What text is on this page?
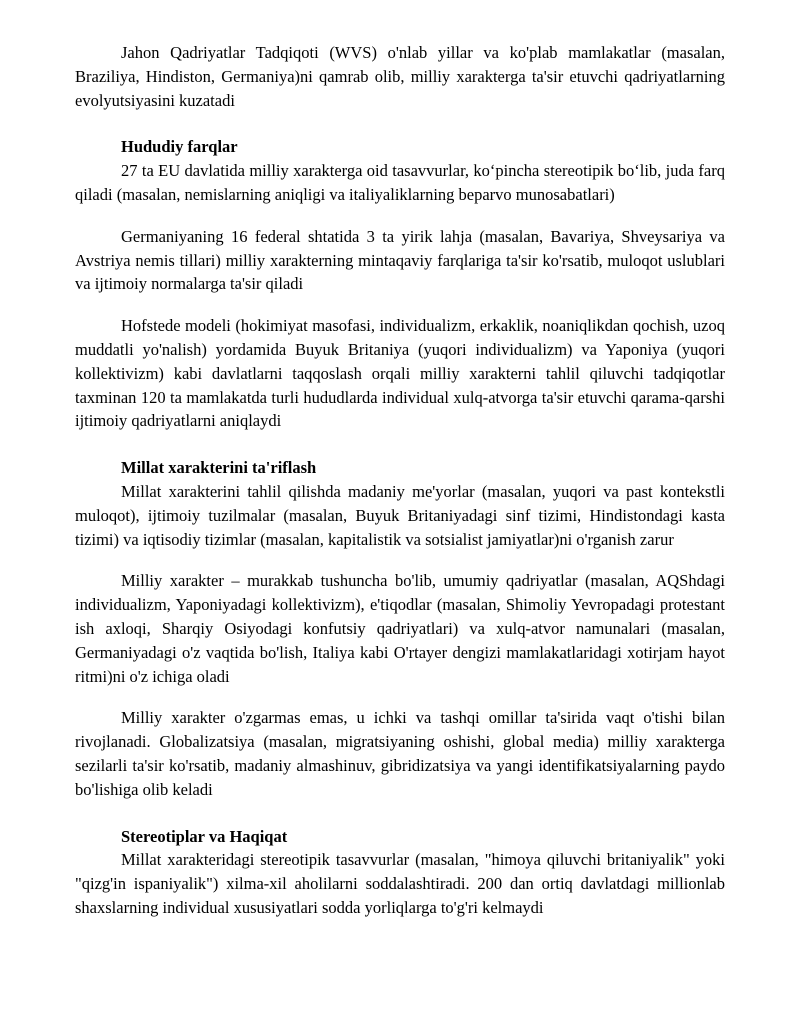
Jahon Qadriyatlar Tadqiqoti (WVS) o'nlab yillar va ko'plab mamlakatlar (masalan, Braziliya, Hindiston, Germaniya)ni qamrab olib, milliy xarakterga ta'sir etuvchi qadriyatlarning evolyutsiyasini kuzatadi

Hududiy farqlar

27 ta EU davlatida milliy xarakterga oid tasavvurlar, ko‘pincha stereotipik bo‘lib, juda farq qiladi (masalan, nemislarning aniqligi va italiyaliklarning beparvo munosabatlari)

Germaniyaning 16 federal shtatida 3 ta yirik lahja (masalan, Bavariya, Shveysariya va Avstriya nemis tillari) milliy xarakterning mintaqaviy farqlariga ta'sir ko'rsatib, muloqot uslublari va ijtimoiy normalarga ta'sir qiladi

Hofstede modeli (hokimiyat masofasi, individualizm, erkaklik, noaniqlikdan qochish, uzoq muddatli yo'nalish) yordamida Buyuk Britaniya (yuqori individualizm) va Yaponiya (yuqori kollektivizm) kabi davlatlarni taqqoslash orqali milliy xarakterni tahlil qiluvchi tadqiqotlar taxminan 120 ta mamlakatda turli hududlarda individual xulq-atvorga ta'sir etuvchi qarama-qarshi ijtimoiy qadriyatlarni aniqlaydi

Millat xarakterini ta'riflash

Millat xarakterini tahlil qilishda madaniy me'yorlar (masalan, yuqori va past kontekstli muloqot), ijtimoiy tuzilmalar (masalan, Buyuk Britaniyadagi sinf tizimi, Hindistondagi kasta tizimi) va iqtisodiy tizimlar (masalan, kapitalistik va sotsialist jamiyatlar)ni o'rganish zarur

Milliy xarakter – murakkab tushuncha bo'lib, umumiy qadriyatlar (masalan, AQShdagi individualizm, Yaponiyadagi kollektivizm), e'tiqodlar (masalan, Shimoliy Yevropadagi protestant ish axloqi, Sharqiy Osiyodagi konfutsiy qadriyatlari) va xulq-atvor namunalari (masalan, Germaniyadagi o'z vaqtida bo'lish, Italiya kabi O'rtayer dengizi mamlakatlaridagi xotirjam hayot ritmi)ni o'z ichiga oladi

Milliy xarakter o'zgarmas emas, u ichki va tashqi omillar ta'sirida vaqt o'tishi bilan rivojlanadi. Globalizatsiya (masalan, migratsiyaning oshishi, global media) milliy xarakterga sezilarli ta'sir ko'rsatib, madaniy almashinuv, gibridizatsiya va yangi identifikatsiyalarning paydo bo'lishiga olib keladi

Stereotiplar va Haqiqat

Millat xarakteridagi stereotipik tasavvurlar (masalan, "himoya qiluvchi britaniyalik" yoki "qizg'in ispaniyalik") xilma-xil aholilarni soddalashtiradi. 200 dan ortiq davlatdagi millionlab shaxslarning individual xususiyatlari sodda yorliqlarga to'g'ri kelmaydi
